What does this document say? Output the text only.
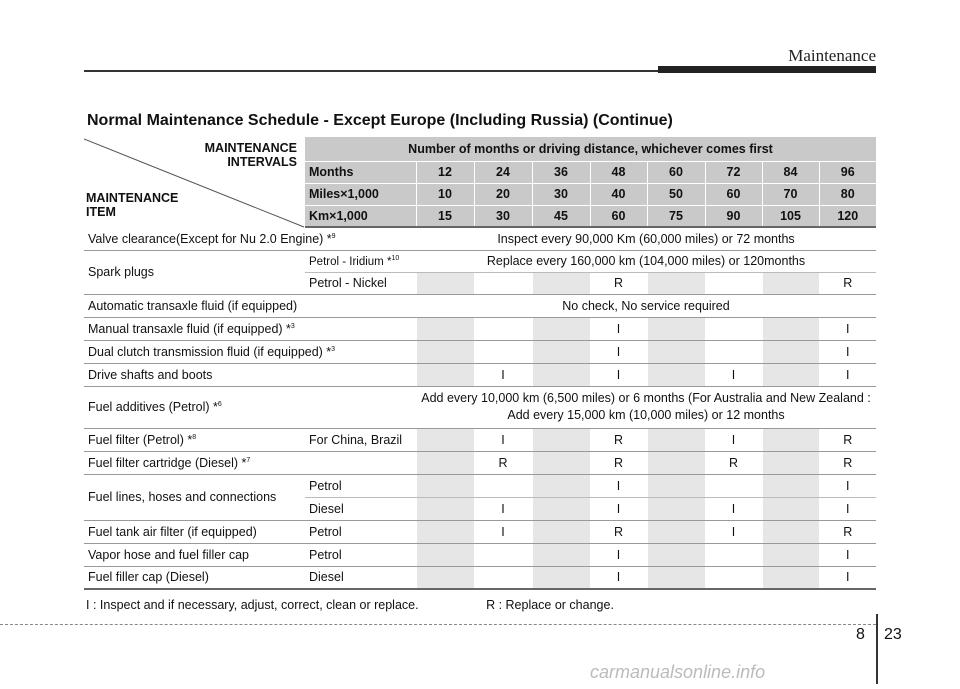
Maintenance
Normal Maintenance Schedule - Except Europe (Including Russia) (Continue)
MAINTENANCE
INTERVALS
MAINTENANCE
ITEM	Number of months or driving distance, whichever comes first								
	Months	12	24	36	48	60	72	84	96
	Miles×1,000	10	20	30	40	50	60	70	80
	Km×1,000	15	30	45	60	75	90	105	120
Valve clearance(Except for Nu 2.0 Engine) *$^9$		Inspect every 90,000 Km (60,000 miles) or 72 months							
Spark plugs	Petrol - Iridium *$^{10}$	Replace every 160,000 km (104,000 miles) or 120months							
	Petrol - Nickel				R				R
Automatic transaxle fluid (if equipped)		No check, No service required							
Manual transaxle fluid (if equipped) *$^3$					I				I
Dual clutch transmission fluid (if equipped) *$^3$					I				I
Drive shafts and boots			I		I		I		I
Fuel additives (Petrol) *$^6$		Add every 10,000 km (6,500 miles) or 6 months (For Australia and New Zealand : Add every 15,000 km (10,000 miles) or 12 months							
Fuel filter (Petrol) *$^8$	For China, Brazil		I		R		I		R
Fuel filter cartridge (Diesel) *$^7$			R		R		R		R
Fuel lines, hoses and connections	Petrol				I				I
	Diesel		I		I		I		I
Fuel tank air filter (if equipped)	Petrol		I		R		I		R
Vapor hose and fuel filler cap	Petrol				I				I
Fuel filler cap (Diesel)	Diesel				I				I
I : Inspect and if necessary, adjust, correct, clean or replace.	R : Replace or change.
8 23
carmanualsonline.info
